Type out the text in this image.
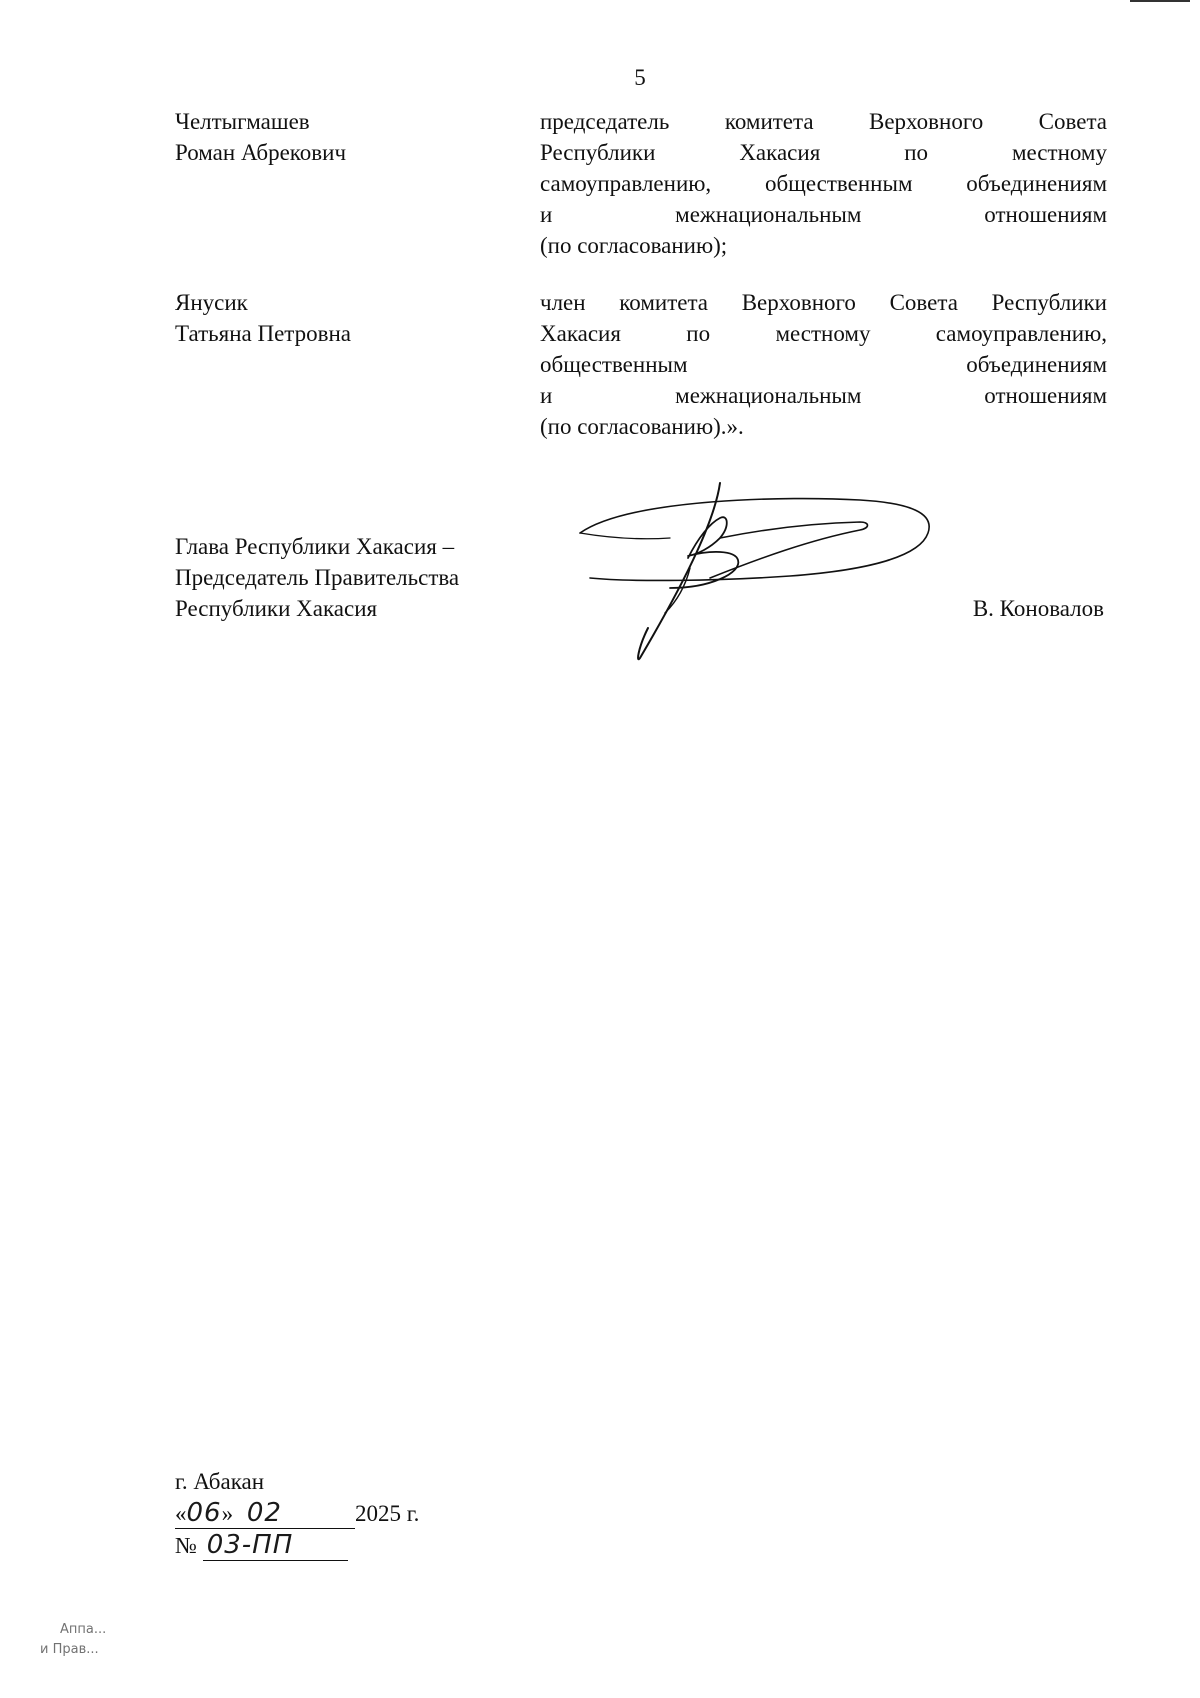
5
Челтыгмашев
Роман Абрекович
председатель комитета Верховного Совета
Республики Хакасия по местному
самоуправлению, общественным объединениям
и межнациональным отношениям
(по согласованию);
Янусик
Татьяна Петровна
член комитета Верховного Совета Республики
Хакасия по местному самоуправлению,
общественным объединениям
и межнациональным отношениям
(по согласованию).».
Глава Республики Хакасия –
Председатель Правительства
Республики Хакасия	В. Коновалов
г. Абакан
«06» 02	2025 г.
№ 03-ПП
Аппа...
и Прав...
